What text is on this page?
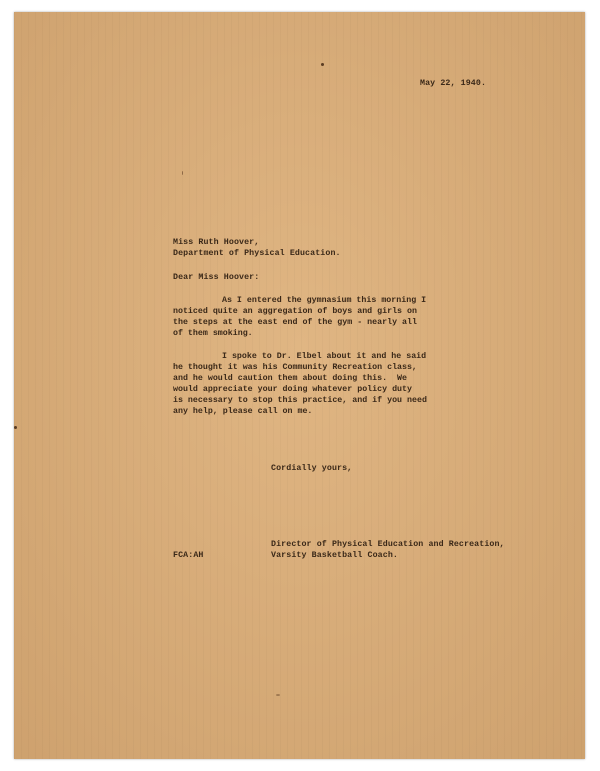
May 22, 1940.
Miss Ruth Hoover,
Department of Physical Education.
Dear Miss Hoover:
As I entered the gymnasium this morning I
noticed quite an aggregation of boys and girls on
the steps at the east end of the gym - nearly all
of them smoking.
I spoke to Dr. Elbel about it and he said
he thought it was his Community Recreation class,
and he would caution them about doing this.  We
would appreciate your doing whatever policy duty
is necessary to stop this practice, and if you need
any help, please call on me.
Cordially yours,
FCA:AH
Director of Physical Education and Recreation,
Varsity Basketball Coach.
